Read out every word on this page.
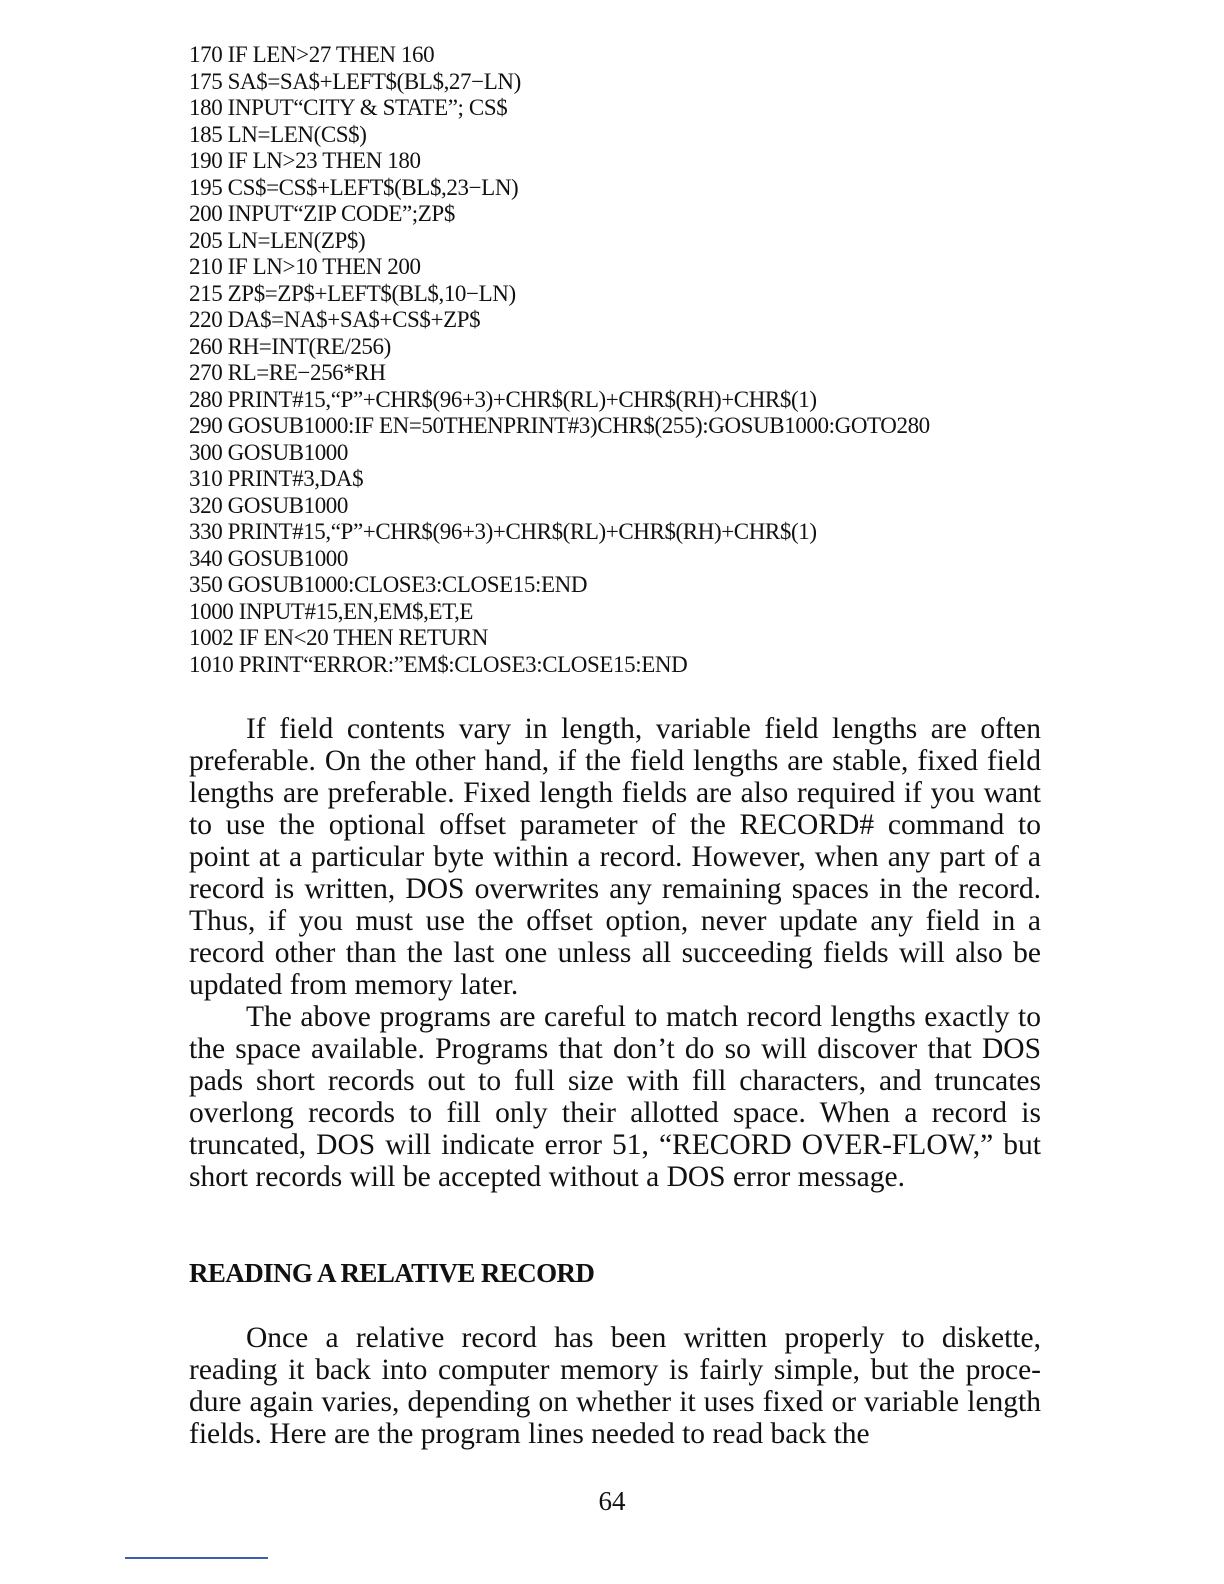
170 IF LEN>27 THEN 160
175 SA$=SA$+LEFT$(BL$,27−LN)
180 INPUT“CITY & STATE”; CS$
185 LN=LEN(CS$)
190 IF LN>23 THEN 180
195 CS$=CS$+LEFT$(BL$,23−LN)
200 INPUT“ZIP CODE”;ZP$
205 LN=LEN(ZP$)
210 IF LN>10 THEN 200
215 ZP$=ZP$+LEFT$(BL$,10−LN)
220 DA$=NA$+SA$+CS$+ZP$
260 RH=INT(RE/256)
270 RL=RE−256*RH
280 PRINT#15,“P”+CHR$(96+3)+CHR$(RL)+CHR$(RH)+CHR$(1)
290 GOSUB1000:IF EN=50THENPRINT#3)CHR$(255):GOSUB1000:GOTO280
300 GOSUB1000
310 PRINT#3,DA$
320 GOSUB1000
330 PRINT#15,“P”+CHR$(96+3)+CHR$(RL)+CHR$(RH)+CHR$(1)
340 GOSUB1000
350 GOSUB1000:CLOSE3:CLOSE15:END
1000 INPUT#15,EN,EM$,ET,E
1002 IF EN<20 THEN RETURN
1010 PRINT“ERROR:”EM$:CLOSE3:CLOSE15:END

If field contents vary in length, variable field lengths are often preferable. On the other hand, if the field lengths are stable, fixed field lengths are preferable. Fixed length fields are also required if you want to use the optional offset parameter of the RECORD# command to point at a particular byte within a record. However, when any part of a record is written, DOS overwrites any remaining spaces in the record. Thus, if you must use the offset option, never update any field in a record other than the last one unless all succeeding fields will also be updated from memory later.

The above programs are careful to match record lengths exactly to the space available. Programs that don’t do so will discover that DOS pads short records out to full size with fill characters, and truncates overlong records to fill only their allotted space. When a record is truncated, DOS will indicate error 51, “RECORD OVER-FLOW,” but short records will be accepted without a DOS error message.

READING A RELATIVE RECORD

Once a relative record has been written properly to diskette, reading it back into computer memory is fairly simple, but the proce-dure again varies, depending on whether it uses fixed or variable length fields. Here are the program lines needed to read back the

64
